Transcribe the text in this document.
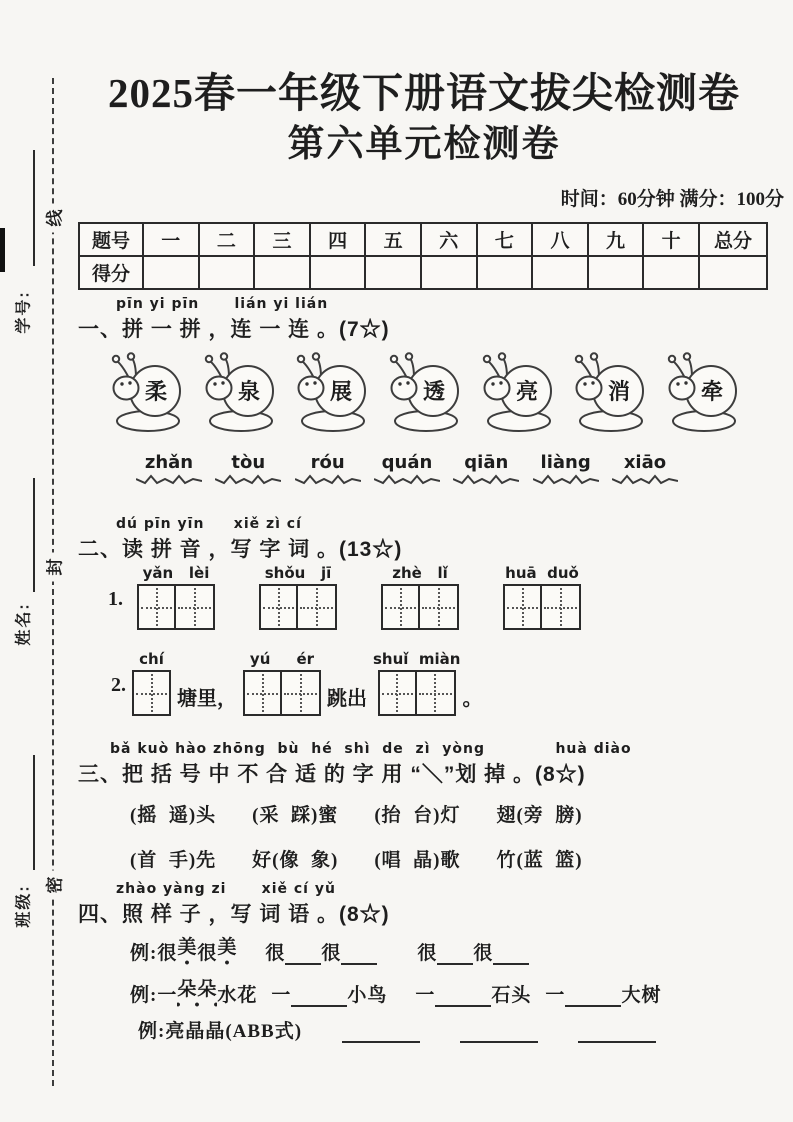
线
封
密
学号:
姓名:
班级:
2025春一年级下册语文拔尖检测卷
第六单元检测卷
时间：60分钟 满分：100分
题号	一	二	三	四	五	六	七	八	九	十	总分
得分											
pīn yi pīn      lián yi lián
一、拼 一 拼 ，连 一 连 。(7☆)
柔	泉	展	透	亮	消	牵
zhǎn tòu	róu quán qiān liàng xiāo
dú pīn yīn     xiě zì cí
二、读 拼 音 ，写 字 词 。(13☆)
1.
yǎn   lèi	shǒu   jī	zhè   lǐ	huā  duǒ
2.
chí
塘里，
yú     ér
跳出
shuǐ  miàn
。
bǎ kuò hào zhōng  bù  hé  shì  de  zì  yòng            huà diào
三、把 括 号 中 不 合 适 的 字 用 “＼”划 掉 。(8☆)
(摇  遥)头 (采  踩)蜜 (抬  台)灯 翅(旁  膀)
(首  手)先 好(像  象) (唱  晶)歌 竹(蓝  篮)
zhào yàng zi      xiě cí yǔ
四、照 样 子 ，写 词 语 。(8☆)
例:很 美 很 美 很 很	很 很
例:一 朵朵 水花 一	小鸟 一	石头 一	大树
例:亮晶晶(ABB式)
